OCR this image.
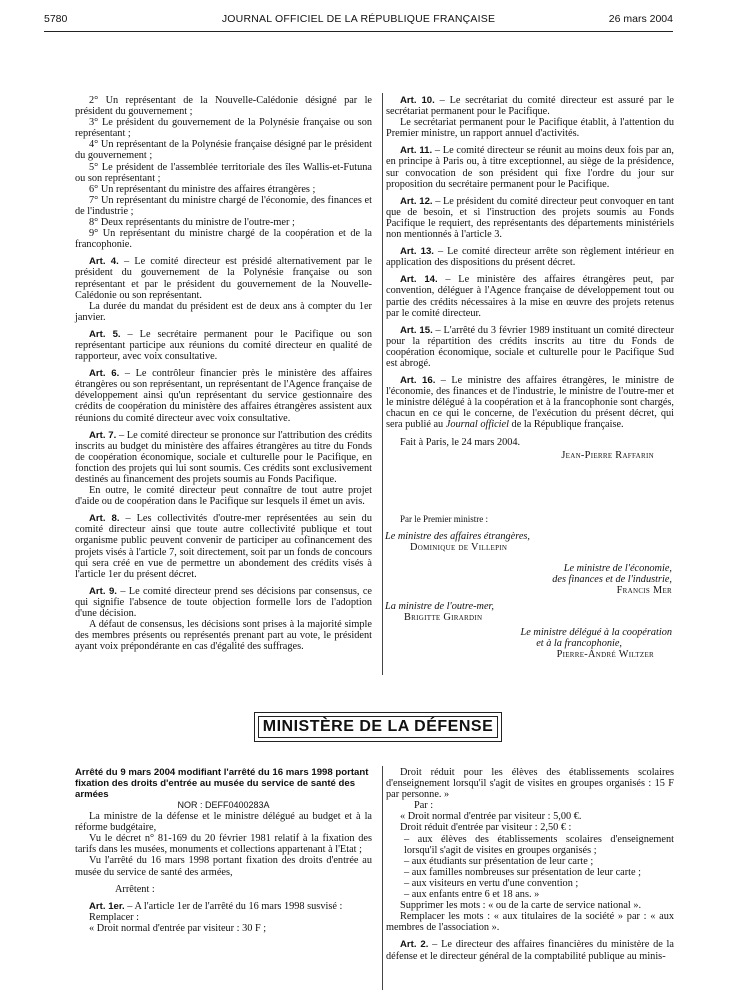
5780	JOURNAL OFFICIEL DE LA RÉPUBLIQUE FRANÇAISE	26 mars 2004

2° Un représentant de la Nouvelle-Calédonie désigné par le président du gouvernement ;

3° Le président du gouvernement de la Polynésie française ou son représentant ;

4° Un représentant de la Polynésie française désigné par le président du gouvernement ;

5° Le président de l'assemblée territoriale des îles Wallis-et-Futuna ou son représentant ;

6° Un représentant du ministre des affaires étrangères ;

7° Un représentant du ministre chargé de l'économie, des finances et de l'industrie ;

8° Deux représentants du ministre de l'outre-mer ;

9° Un représentant du ministre chargé de la coopération et de la francophonie.

Art. 4. – Le comité directeur est présidé alternativement par le président du gouvernement de la Polynésie française ou son représentant et par le président du gouvernement de la Nouvelle-Calédonie ou son représentant.

La durée du mandat du président est de deux ans à compter du 1er janvier.

Art. 5. – Le secrétaire permanent pour le Pacifique ou son représentant participe aux réunions du comité directeur en qualité de rapporteur, avec voix consultative.

Art. 6. – Le contrôleur financier près le ministère des affaires étrangères ou son représentant, un représentant de l'Agence française de développement ainsi qu'un représentant du service gestionnaire des crédits de coopération du ministère des affaires étrangères assistent aux réunions du comité directeur avec voix consultative.

Art. 7. – Le comité directeur se prononce sur l'attribution des crédits inscrits au budget du ministère des affaires étrangères au titre du Fonds de coopération économique, sociale et culturelle pour le Pacifique, en fonction des projets qui lui sont soumis. Ces crédits sont exclusivement destinés au financement des projets soumis au Fonds Pacifique.

En outre, le comité directeur peut connaître de tout autre projet d'aide ou de coopération dans le Pacifique sur lesquels il émet un avis.

Art. 8. – Les collectivités d'outre-mer représentées au sein du comité directeur ainsi que toute autre collectivité publique et tout organisme public peuvent convenir de participer au cofinancement des projets visés à l'article 7, soit directement, soit par un fonds de concours qui sera créé en vue de permettre un abondement des crédits visés à l'article 1er du présent décret.

Art. 9. – Le comité directeur prend ses décisions par consensus, ce qui signifie l'absence de toute objection formelle lors de l'adoption d'une décision.

A défaut de consensus, les décisions sont prises à la majorité simple des membres présents ou représentés prenant part au vote, le président ayant voix prépondérante en cas d'égalité des suffrages.

Art. 10. – Le secrétariat du comité directeur est assuré par le secrétariat permanent pour le Pacifique.

Le secrétariat permanent pour le Pacifique établit, à l'attention du Premier ministre, un rapport annuel d'activités.

Art. 11. – Le comité directeur se réunit au moins deux fois par an, en principe à Paris ou, à titre exceptionnel, au siège de la présidence, sur convocation de son président qui fixe l'ordre du jour sur proposition du secrétaire permanent pour le Pacifique.

Art. 12. – Le président du comité directeur peut convoquer en tant que de besoin, et si l'instruction des projets soumis au Fonds Pacifique le requiert, des représentants des départements ministériels non mentionnés à l'article 3.

Art. 13. – Le comité directeur arrête son règlement intérieur en application des dispositions du présent décret.

Art. 14. – Le ministère des affaires étrangères peut, par convention, déléguer à l'Agence française de développement tout ou partie des crédits nécessaires à la mise en œuvre des projets retenus par le comité directeur.

Art. 15. – L'arrêté du 3 février 1989 instituant un comité directeur pour la répartition des crédits inscrits au titre du Fonds de coopération économique, sociale et culturelle pour le Pacifique Sud est abrogé.

Art. 16. – Le ministre des affaires étrangères, le ministre de l'économie, des finances et de l'industrie, le ministre de l'outre-mer et le ministre délégué à la coopération et à la francophonie sont chargés, chacun en ce qui le concerne, de l'exécution du présent décret, qui sera publié au Journal officiel de la République française.

Fait à Paris, le 24 mars 2004.

Jean-Pierre Raffarin

Par le Premier ministre :

Le ministre des affaires étrangères,

Dominique de Villepin

Le ministre de l'économie,

des finances et de l'industrie,

Francis Mer

La ministre de l'outre-mer,

Brigitte Girardin

Le ministre délégué à la coopération

et à la francophonie,

Pierre-André Wiltzer

MINISTÈRE DE LA DÉFENSE

Arrêté du 9 mars 2004 modifiant l'arrêté du 16 mars 1998 portant fixation des droits d'entrée au musée du service de santé des armées

NOR : DEFF0400283A

La ministre de la défense et le ministre délégué au budget et à la réforme budgétaire,

Vu le décret n° 81-169 du 20 février 1981 relatif à la fixation des tarifs dans les musées, monuments et collections appartenant à l'Etat ;

Vu l'arrêté du 16 mars 1998 portant fixation des droits d'entrée au musée du service de santé des armées,

Arrêtent :

Art. 1er. – A l'article 1er de l'arrêté du 16 mars 1998 susvisé :

Remplacer :

« Droit normal d'entrée par visiteur : 30 F ;

Droit réduit pour les élèves des établissements scolaires d'enseignement lorsqu'il s'agit de visites en groupes organisés : 15 F par personne. »

Par :

« Droit normal d'entrée par visiteur : 5,00 €.

Droit réduit d'entrée par visiteur : 2,50 € :

– aux élèves des établissements scolaires d'enseignement lorsqu'il s'agit de visites en groupes organisés ;

– aux étudiants sur présentation de leur carte ;

– aux familles nombreuses sur présentation de leur carte ;

– aux visiteurs en vertu d'une convention ;

– aux enfants entre 6 et 18 ans. »

Supprimer les mots : « ou de la carte de service national ».

Remplacer les mots : « aux titulaires de la société » par : « aux membres de l'association ».

Art. 2. – Le directeur des affaires financières du ministère de la défense et le directeur général de la comptabilité publique au minis-
